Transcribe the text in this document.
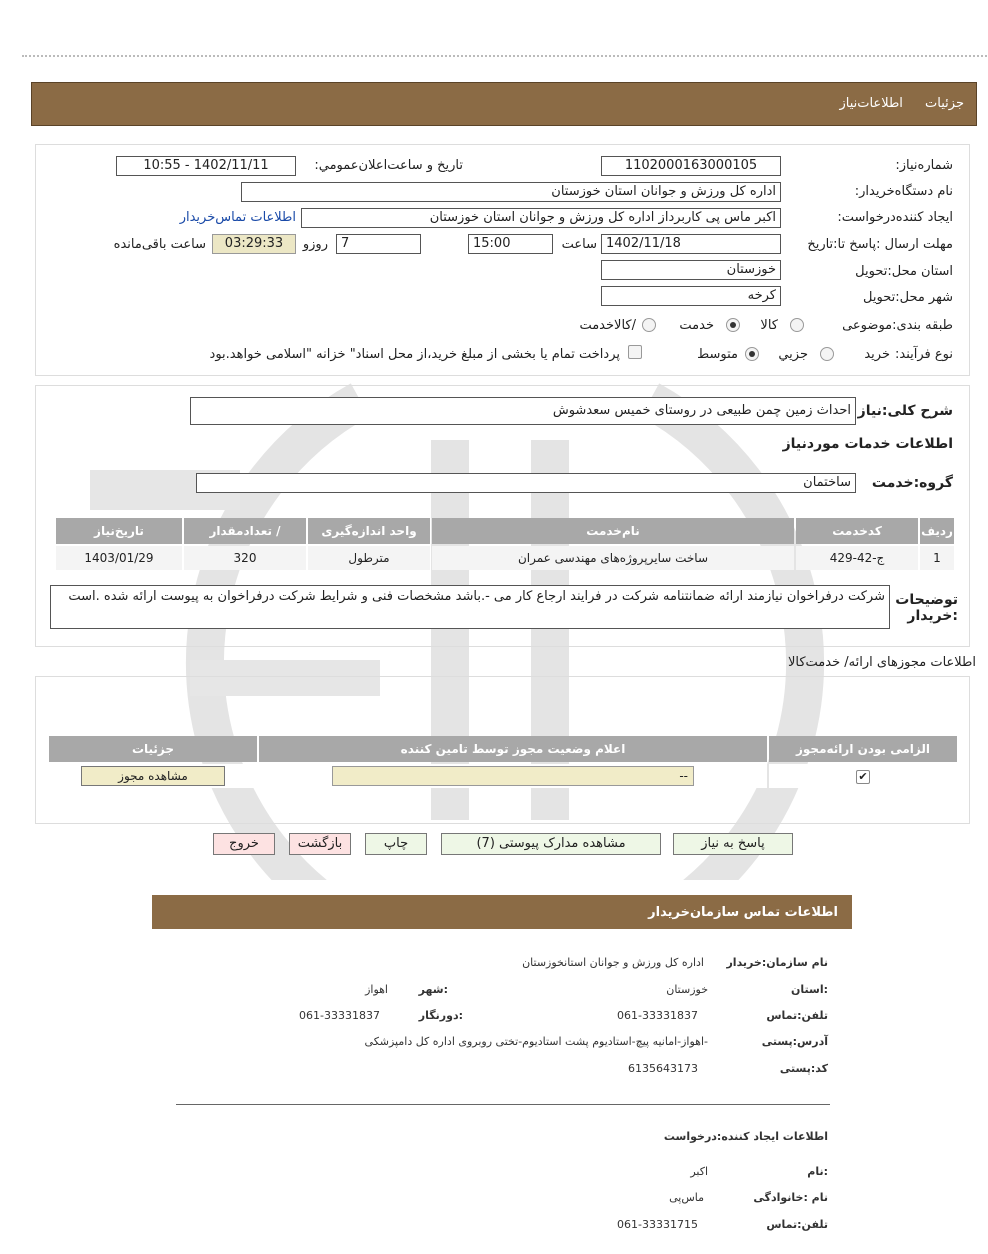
جزئیات اطلاعات‌نیاز
شماره‌نیاز:
1102000163000105
تاریخ و ساعت‌اعلان‌عمومي:
1402/11/11 - 10:55
نام دستگاه‌خريدار:
اداره کل ورزش و جوانان استان خوزستان
ایجاد کننده‌درخواست:
اکبر ماس پی کاربرداز اداره کل ورزش و جوانان استان خوزستان
اطلاعات تماس‌خریدار
مهلت ارسال :پاسخ تا:تاریخ
1402/11/18
ساعت
15:00
7
روزو
03:29:33
ساعت باقی‌مانده
استان محل:تحویل
خوزستان
شهر محل:تحویل
کرخه
طبقه بندی:موضوعی
کالا
خدمت
/کالاخدمت
نوع فرآیند:
خرید
جزیي
متوسط
پرداخت تمام یا بخشی از مبلغ خرید،از محل اسناد" خزانه "اسلامی خواهد.بود
شرح کلی:نیاز
احداث زمین چمن طبیعی در روستای خمیس سعدشوش
اطلاعات خدمات موردنیاز
گروه:خدمت
ساختمان
ردیف	کدخدمت	نام‌خدمت	واحد اندازه‌گیری	/ تعدادمقدار	تاریخ‌نیاز
1	ج-42-429	ساخت سایرپروژه‌های مهندسی عمران	مترطول	320	1403/01/29
توضیحات :خریدار
شرکت درفراخوان نیازمند ارائه ضمانتنامه شرکت در فرایند ارجاع کار می -.باشد مشخصات فنی و شرایط شرکت درفراخوان به پیوست ارائه شده .است
اطلاعات مجوزهای ارائه/ خدمت‌کالا
الزامی بودن ارائه‌مجوز	اعلام وضعیت مجوز توسط تامین کننده	جزئیات
✔	--	مشاهده مجوز
پاسخ به نیاز
مشاهده مدارک پیوستی (7)
چاپ
بازگشت
خروج
اطلاعات تماس سازمان‌خریدار
نام سازمان:خریدار
اداره کل ورزش و جوانان استانخوزستان
:استان
خوزستان
:شهر
اهواز
تلفن:تماس
061-33331837
:دورنگار
061-33331837
آدرس:پستی
-اهواز-امانیه پیچ-استادیوم پشت استادیوم-تختی روبروی اداره کل دامپزشکی
کد:پستی
6135643173
اطلاعات ایجاد کننده:درخواست
:نام
اکبر
نام :خانوادگی
ماس‌پی
تلفن:تماس
061-33331715
